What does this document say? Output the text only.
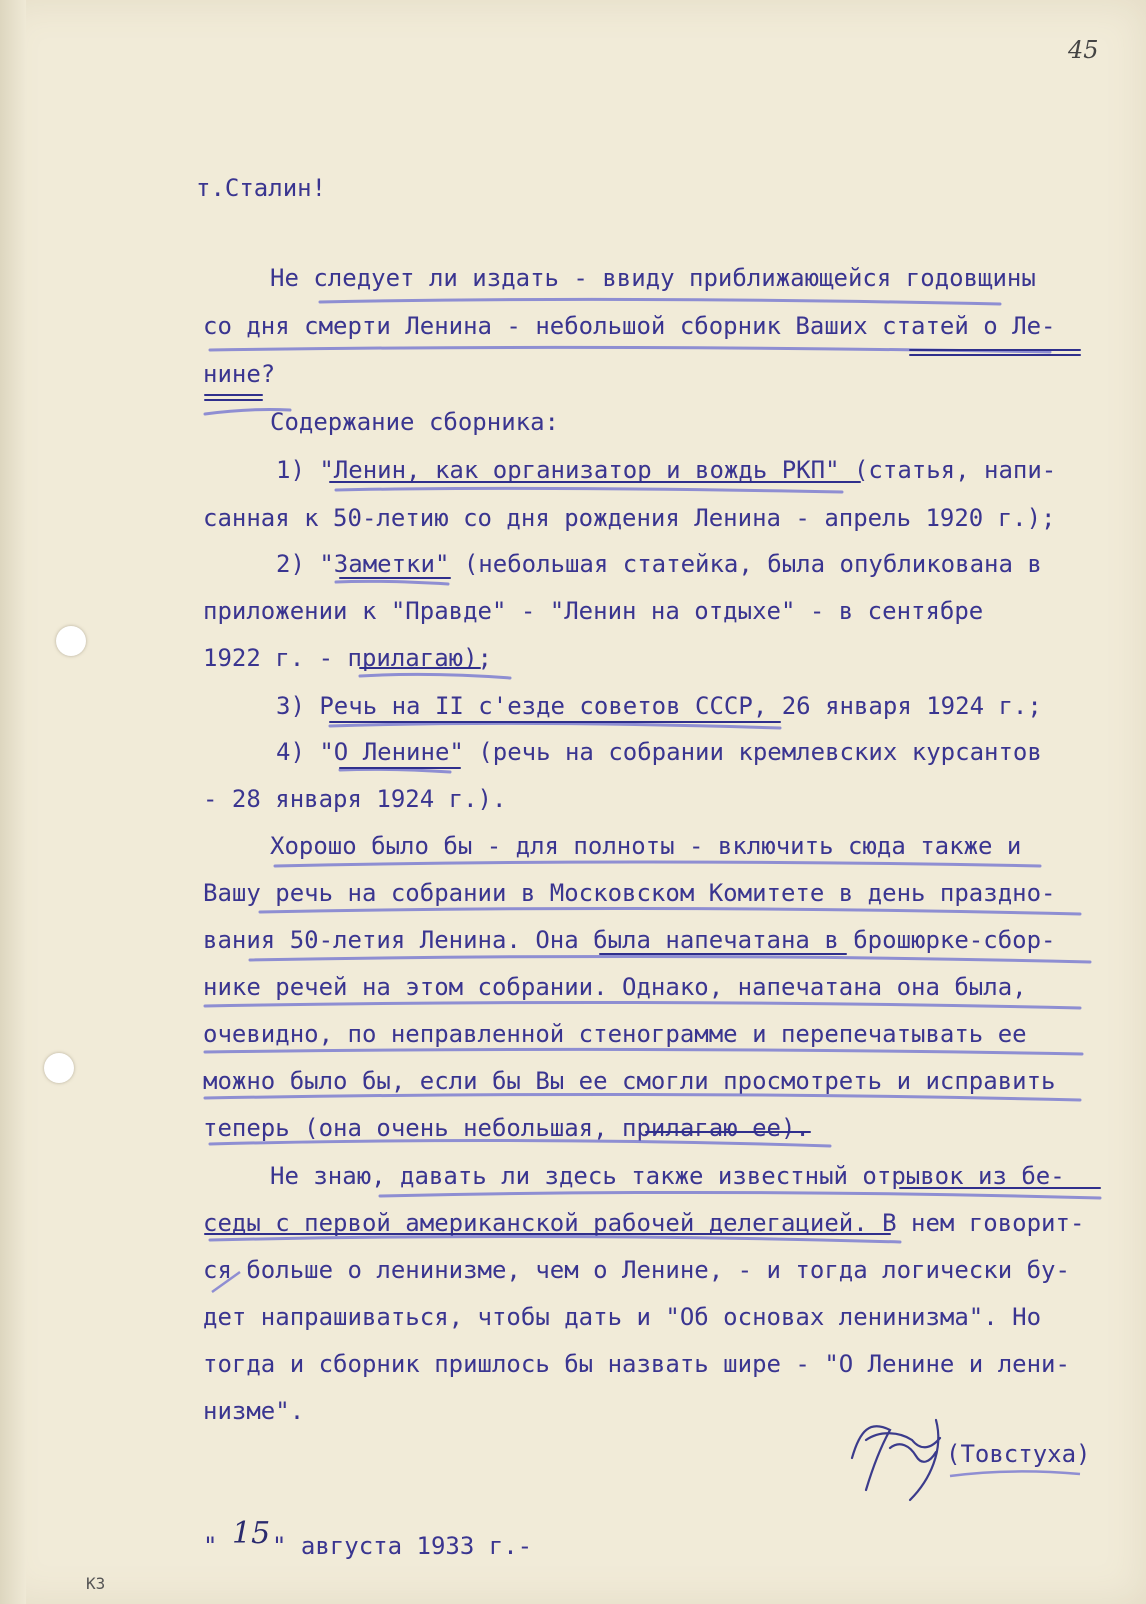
45
т.Сталин!
Не следует ли издать - ввиду приближающейся годовщины
со дня смерти Ленина - небольшой сборник Ваших статей о Ле-
нине?
Содержание сборника:
1) "Ленин, как организатор и вождь РКП" (статья, напи-
санная к 50-летию со дня рождения Ленина - апрель 1920 г.);
2) "Заметки" (небольшая статейка, была опубликована в
приложении к "Правде" - "Ленин на отдыхе" - в сентябре
1922 г. - прилагаю);
3) Речь на II с'езде советов СССР, 26 января 1924 г.;
4) "О Ленине" (речь на собрании кремлевских курсантов
- 28 января 1924 г.).
Хорошо было бы - для полноты - включить сюда также и
Вашу речь на собрании в Московском Комитете в день праздно-
вания 50-летия Ленина. Она была напечатана в брошюрке-сбор-
нике речей на этом собрании. Однако, напечатана она была,
очевидно, по неправленной стенограмме и перепечатывать ее
можно было бы, если бы Вы ее смогли просмотреть и исправить
теперь (она очень небольшая, прилагаю ее).
Не знаю, давать ли здесь также известный отрывок из бе-
седы с первой американской рабочей делегацией. В нем говорит-
ся больше о ленинизме, чем о Ленине, - и тогда логически бу-
дет напрашиваться, чтобы дать и "Об основах ленинизма". Но
тогда и сборник пришлось бы назвать шире - "О Ленине и лени-
низме".
(Товстуха)
" 15 " августа 1933 г.-
К3
